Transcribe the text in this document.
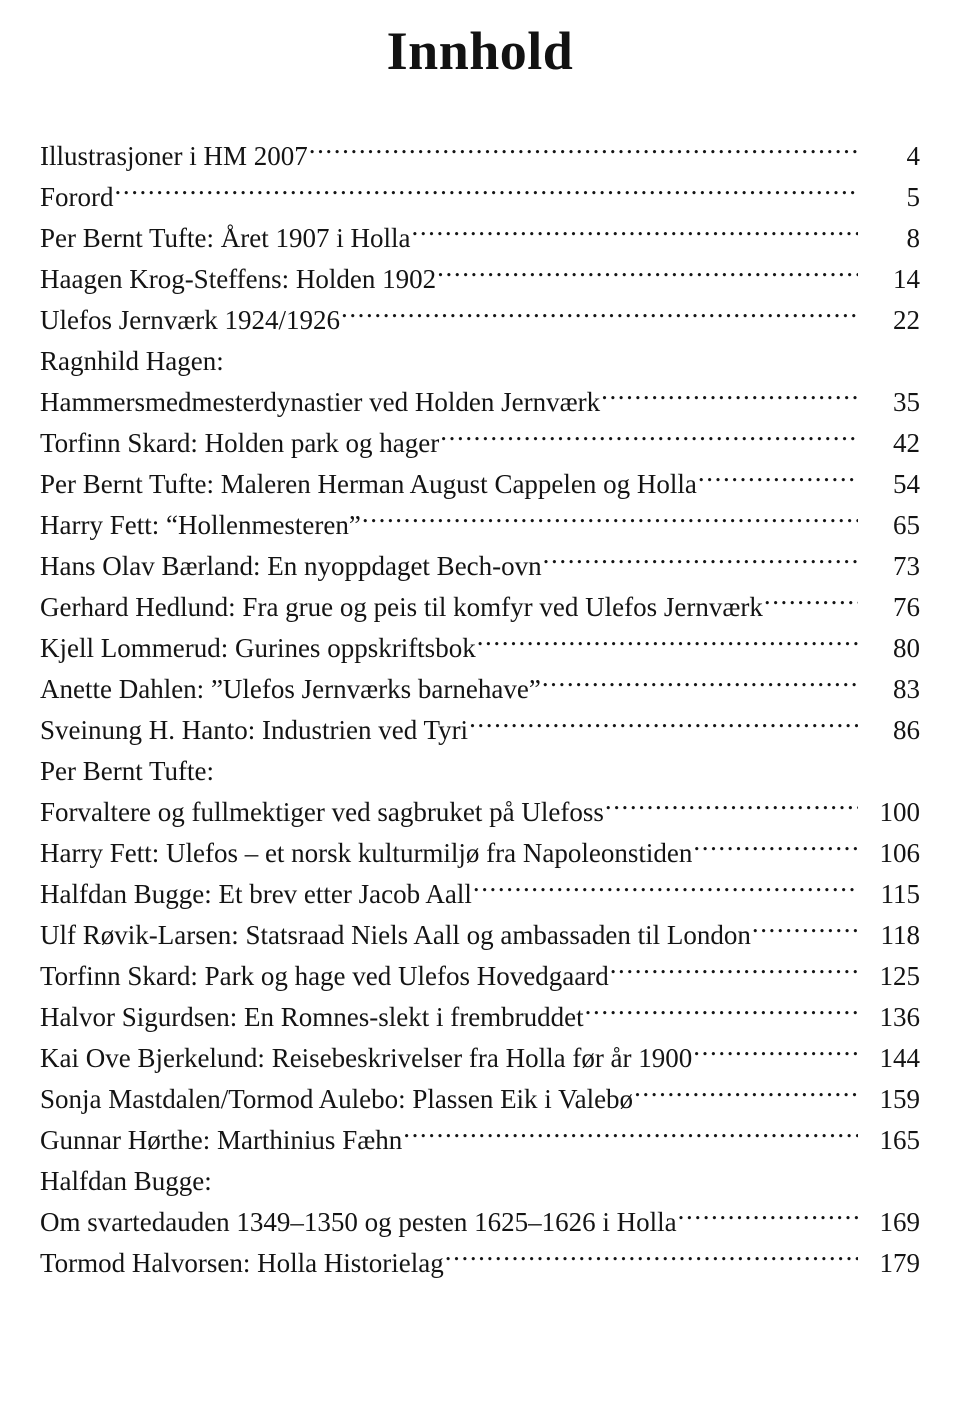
Innhold
Illustrasjoner i HM 2007 .....	4
Forord .....	5
Per Bernt Tufte: Året 1907 i Holla .....	8
Haagen Krog-Steffens: Holden 1902 .....	14
Ulefos Jernværk 1924/1926 .....	22
Ragnhild Hagen:
Hammersmedmesterdynastier ved Holden Jernværk .....	35
Torfinn Skard: Holden park og hager .....	42
Per Bernt Tufte: Maleren Herman August Cappelen og Holla .....	54
Harry Fett: “Hollenmesteren” .....	65
Hans Olav Bærland: En nyoppdaget Bech-ovn .....	73
Gerhard Hedlund: Fra grue og peis til komfyr ved Ulefos Jernværk .....	76
Kjell Lommerud: Gurines oppskriftsbok .....	80
Anette Dahlen: ”Ulefos Jernværks barnehave” .....	83
Sveinung H. Hanto: Industrien ved Tyri .....	86
Per Bernt Tufte:
Forvaltere og fullmektiger ved sagbruket på Ulefoss .....	100
Harry Fett: Ulefos – et norsk kulturmiljø fra Napoleonstiden .....	106
Halfdan Bugge: Et brev etter Jacob Aall .....	115
Ulf Røvik-Larsen: Statsraad Niels Aall og ambassaden til London .....	118
Torfinn Skard: Park og hage ved Ulefos Hovedgaard .....	125
Halvor Sigurdsen: En Romnes-slekt i frembruddet .....	136
Kai Ove Bjerkelund: Reisebeskrivelser fra Holla før år 1900 .....	144
Sonja Mastdalen/Tormod Aulebo: Plassen Eik i Valebø .....	159
Gunnar Hørthe: Marthinius Fæhn .....	165
Halfdan Bugge:
Om svartedauden 1349–1350 og pesten 1625–1626 i Holla .....	169
Tormod Halvorsen: Holla Historielag .....	179
